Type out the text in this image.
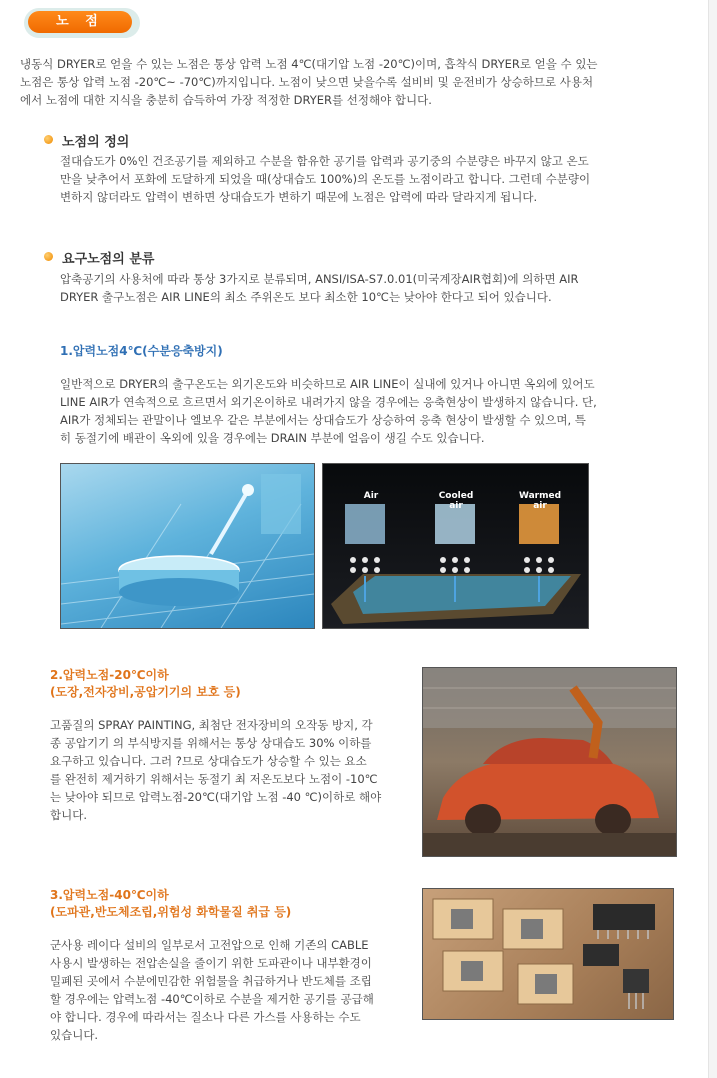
노 점
냉동식 DRYER로 얻을 수 있는 노점은 통상 압력 노점 4℃(대기압 노점 -20℃)이며, 흡착식 DRYER로 얻을 수 있는
노점은 통상 압력 노점 -20℃~ -70℃)까지입니다. 노점이 낮으면 낮을수록 설비비 및 운전비가 상승하므로 사용처
에서 노점에 대한 지식을 충분히 습득하여 가장 적정한 DRYER를 선정해야 합니다.
노점의 정의
절대습도가 0%인 건조공기를 제외하고 수분을 함유한 공기를 압력과 공기중의 수분량은 바꾸지 않고 온도
만을 낮추어서 포화에 도달하게 되었을 때(상대습도 100%)의 온도를 노점이라고 합니다. 그런데 수분량이
변하지 않더라도 압력이 변하면 상대습도가 변하기 때문에 노점은 압력에 따라 달라지게 됩니다.
요구노점의 분류
압축공기의 사용처에 따라 통상 3가지로 분류되며, ANSI/ISA-S7.0.01(미국계장AIR협회)에 의하면 AIR
DRYER 출구노점은 AIR LINE의 최소 주위온도 보다 최소한 10℃는 낮아야 한다고 되어 있습니다.
1.압력노점4℃(수분응축방지)
일반적으로 DRYER의 출구온도는 외기온도와 비슷하므로 AIR LINE이 실내에 있거나 아니면 옥외에 있어도
LINE AIR가 연속적으로 흐르면서 외기온이하로 내려가지 않을 경우에는 응축현상이 발생하지 않습니다. 단,
AIR가 정체되는 관말이나 엘보우 같은 부분에서는 상대습도가 상승하여 응축 현상이 발생할 수 있으며, 특
히 동절기에 배관이 옥외에 있을 경우에는 DRAIN 부분에 얼음이 생길 수도 있습니다.
Air	Cooled air
Warmed air
2.압력노점-20℃이하
(도장,전자장비,공압기기의 보호 등)
고품질의 SPRAY PAINTING, 최첨단 전자장비의 오작동 방지, 각
종 공압기기 의 부식방지를 위해서는 통상 상대습도 30% 이하를
요구하고 있습니다. 그러 ?므로 상대습도가 상승할 수 있는 요소
를 완전히 제거하기 위해서는 동절기 최 저온도보다 노점이 -10℃
는 낮아야 되므로 압력노점-20℃(대기압 노점 -40 ℃)이하로 해야
합니다.
3.압력노점-40℃이하
(도파관,반도체조립,위험성 화학물질 취급 등)
군사용 레이다 설비의 일부로서 고전압으로 인해 기존의 CABLE
사용시 발생하는 전압손실을 줄이기 위한 도파관이나 내부환경이
밀폐된 곳에서 수분에민감한 위험물을 취급하거나 반도체를 조립
할 경우에는 압력노점 -40℃이하로 수분을 제거한 공기를 공급해
야 합니다. 경우에 따라서는 질소나 다른 가스를 사용하는 수도
있습니다.
